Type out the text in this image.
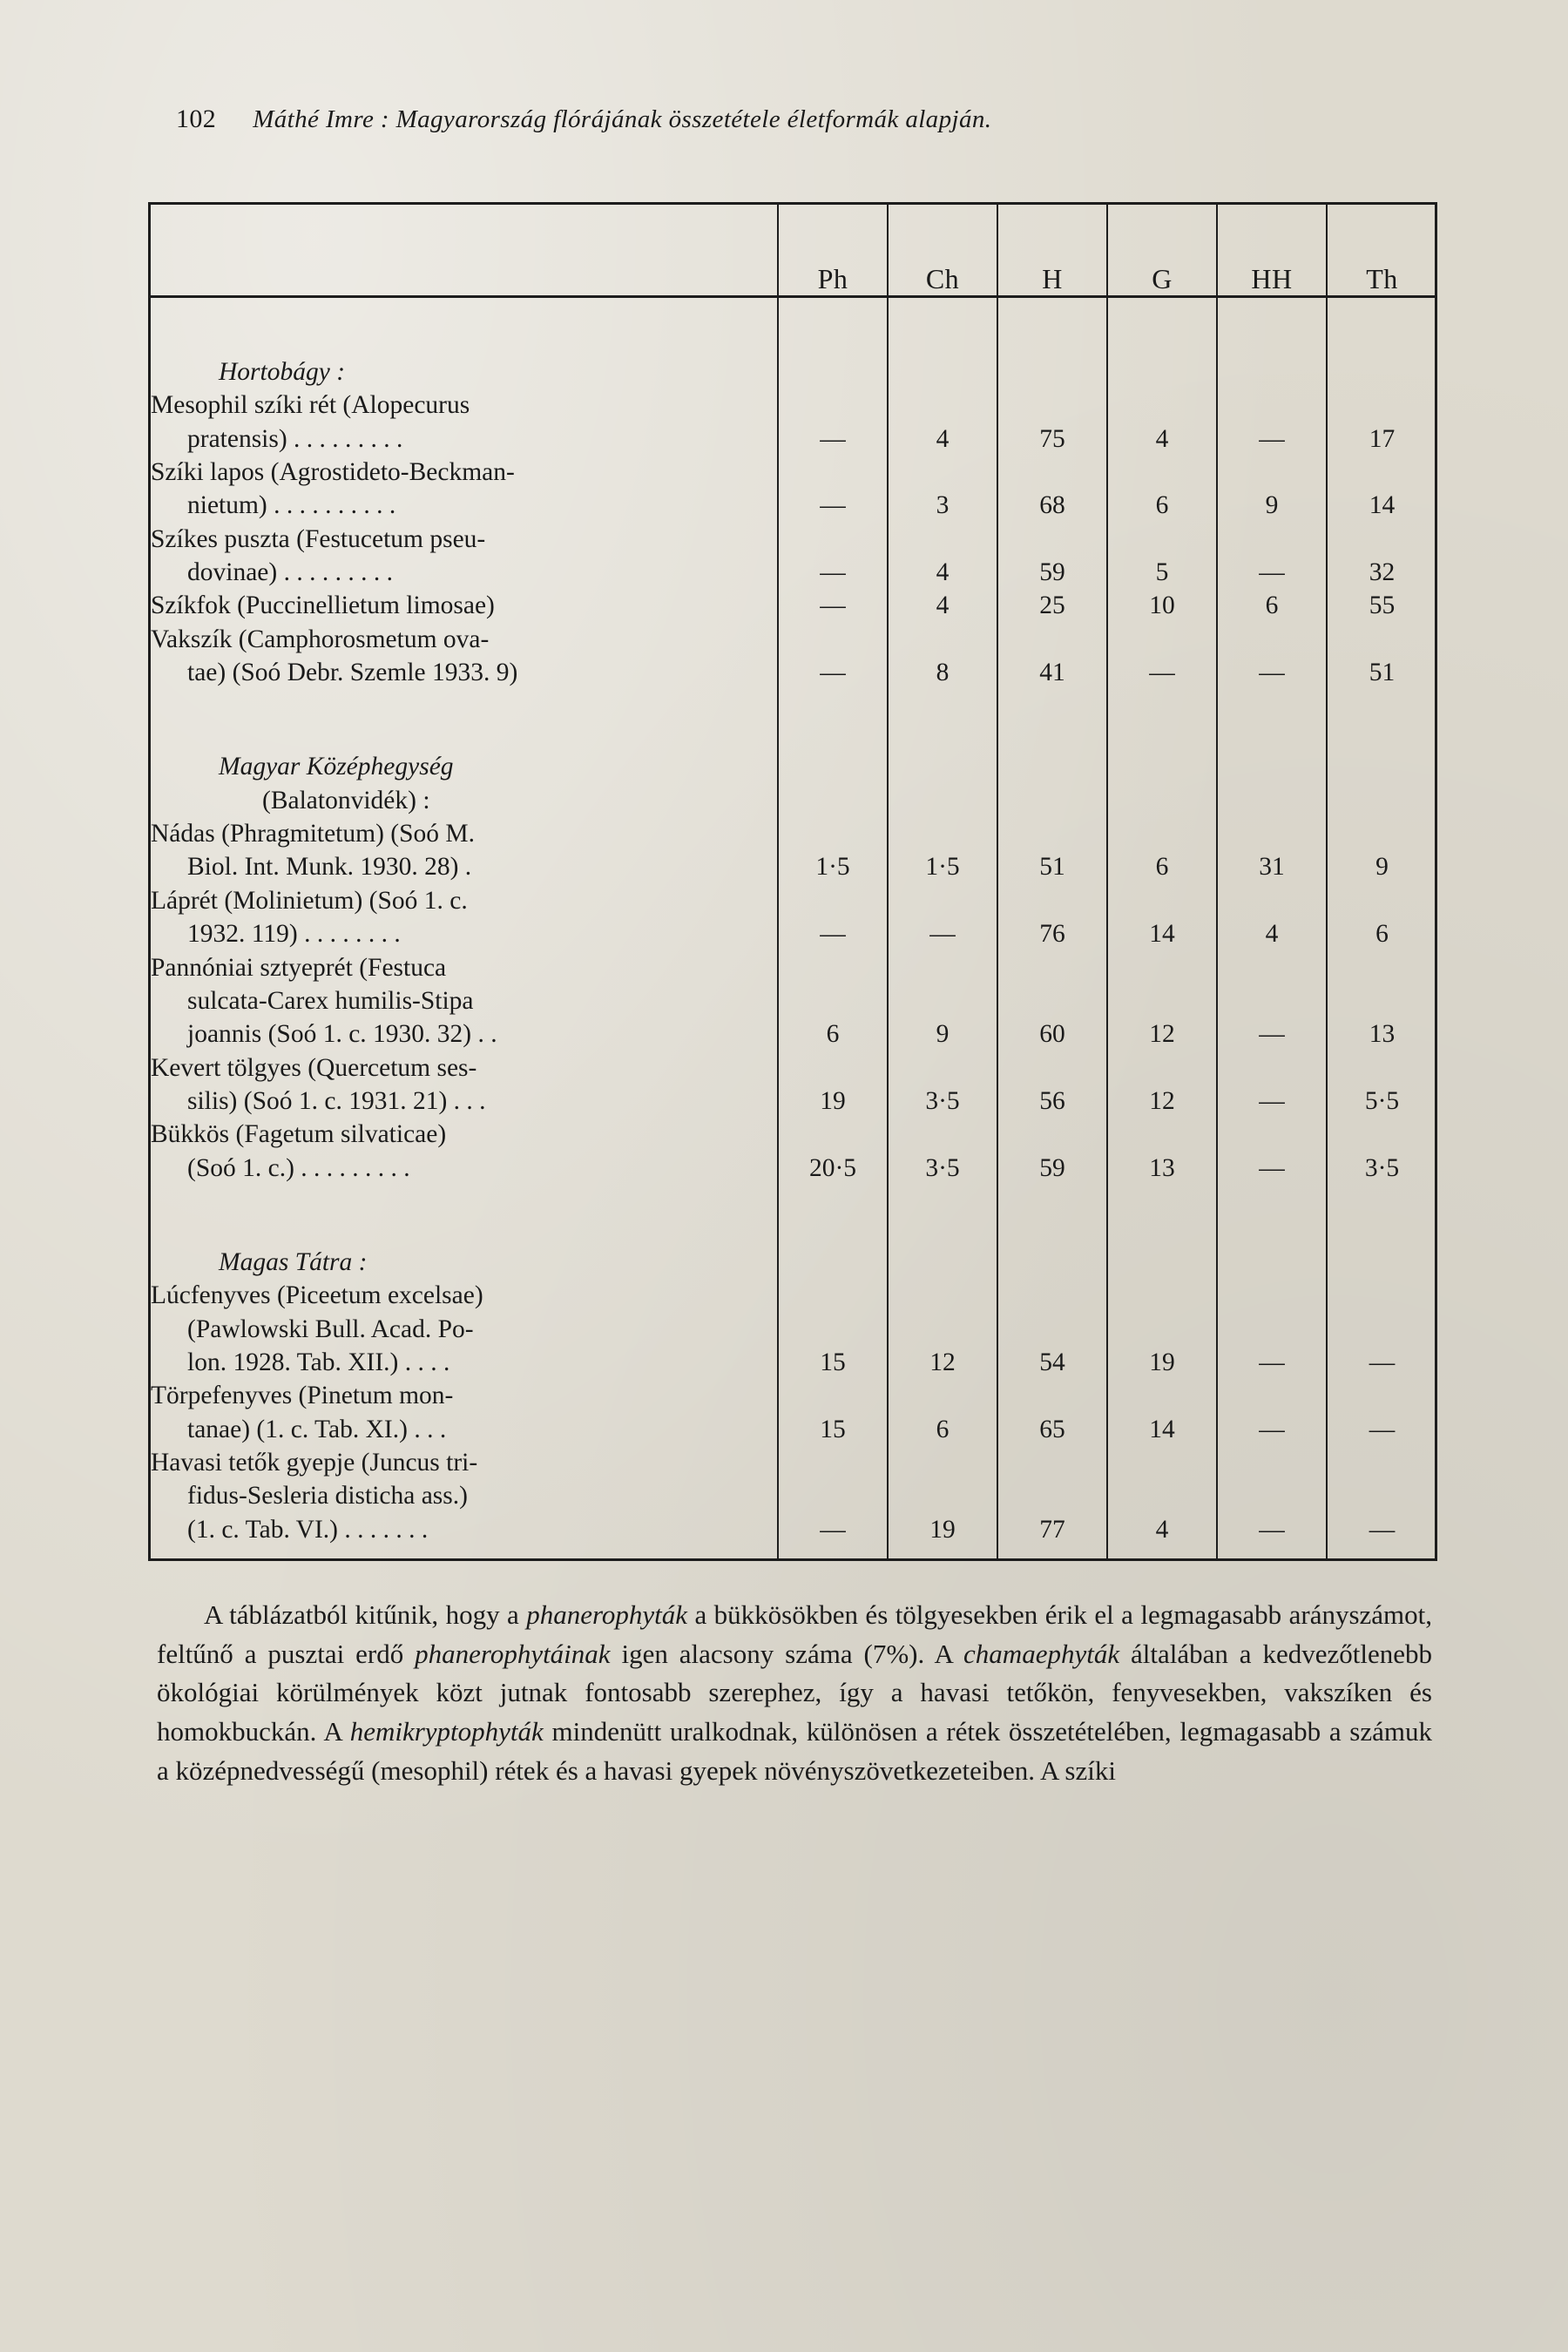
102 Máthé Imre : Magyarország flórájának összetétele életformák alapján.
	Ph	Ch	H	G	HH	Th

Hortobágy :						

Mesophil szíki rét (Alopecurus
pratensis) . . . . . . . . .	—	4	75	4	—	17

Szíki lapos (Agrostideto-Beckman-
nietum) . . . . . . . . . .	—	3	68	6	9	14

Szíkes puszta (Festucetum pseu-
dovinae) . . . . . . . . .	—	4	59	5	—	32

Szíkfok (Puccinellietum limosae)	—	4	25	10	6	55

Vakszík (Camphorosmetum ova-
tae) (Soó Debr. Szemle 1933. 9)	—	8	41	—	—	51

Magyar Középhegység						
(Balatonvidék) :						

Nádas (Phragmitetum) (Soó M.
Biol. Int. Munk. 1930. 28) .	1·5	1·5	51	6	31	9

Láprét (Molinietum) (Soó 1. c.
1932. 119) . . . . . . . .	—	—	76	14	4	6

Pannóniai sztyeprét (Festuca
sulcata-Carex humilis-Stipa
joannis (Soó 1. c. 1930. 32) . .	6	9	60	12	—	13

Kevert tölgyes (Quercetum ses-
silis) (Soó 1. c. 1931. 21) . . .	19	3·5	56	12	—	5·5

Bükkös (Fagetum silvaticae)
(Soó 1. c.) . . . . . . . . .	20·5	3·5	59	13	—	3·5

Magas Tátra :						

Lúcfenyves (Piceetum excelsae)
(Pawlowski Bull. Acad. Po-
lon. 1928. Tab. XII.) . . . .	15	12	54	19	—	—

Törpefenyves (Pinetum mon-
tanae) (1. c. Tab. XI.) . . .	15	6	65	14	—	—

Havasi tetők gyepje (Juncus tri-
fidus-Sesleria disticha ass.)
(1. c. Tab. VI.) . . . . . . .	—	19	77	4	—	—

A táblázatból kitűnik, hogy a phanerophyták a bükkösökben és tölgyesekben érik el a legmagasabb arányszámot, feltűnő a pusztai erdő phanerophytáinak igen alacsony száma (7%). A chamaephyták általában a kedvezőtlenebb ökológiai körülmények közt jutnak fontosabb szerephez, így a havasi tetőkön, fenyvesekben, vakszíken és homokbuckán. A hemikryptophyták mindenütt uralkodnak, különösen a rétek összetételében, legmagasabb a számuk a középnedvességű (mesophil) rétek és a havasi gyepek növényszövetkezeteiben. A szíki
